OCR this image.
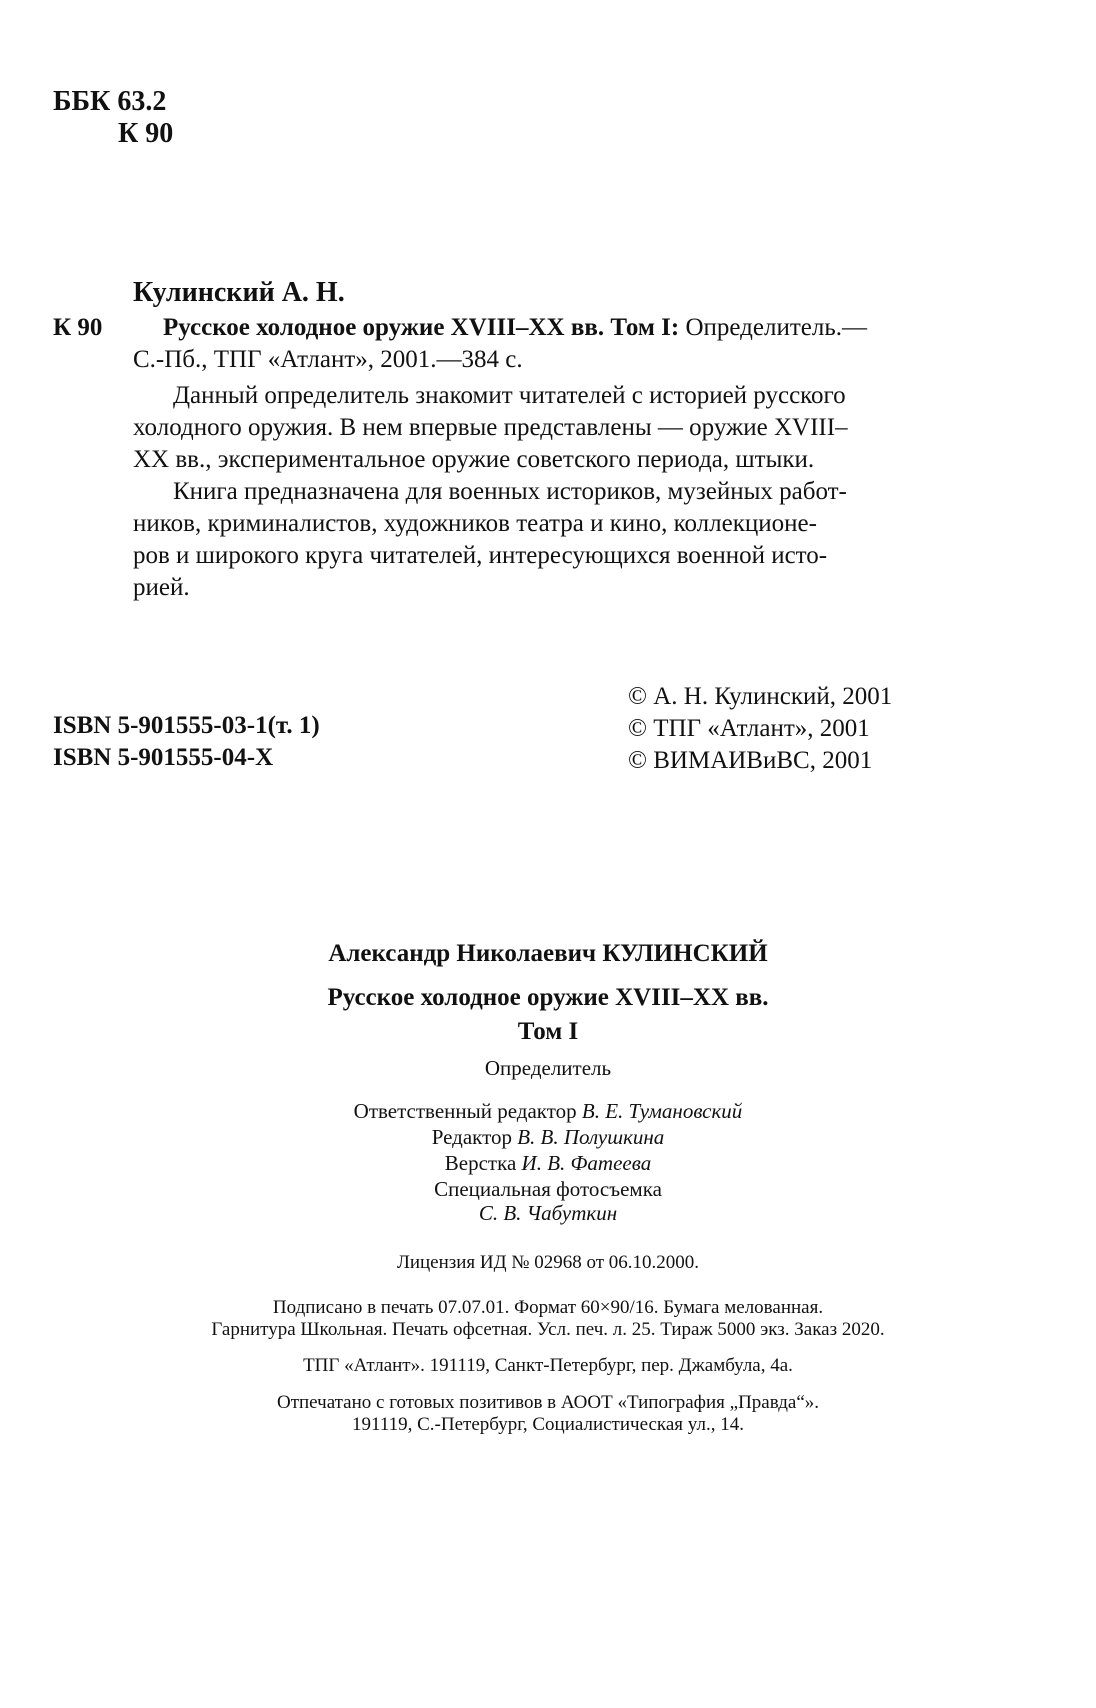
ББК 63.2
К 90
Кулинский А. Н.
К 90 Русское холодное оружие XVIII–XX вв. Том I: Определитель.—
С.-Пб., ТПГ «Атлант», 2001.—384 с.
Данный определитель знакомит читателей с историей русского
холодного оружия. В нем впервые представлены — оружие XVIII–
XX вв., экспериментальное оружие советского периода, штыки.
Книга предназначена для военных историков, музейных работ-
ников, криминалистов, художников театра и кино, коллекционе-
ров и широкого круга читателей, интересующихся военной исто-
рией.
ISBN 5-901555-03-1(т. 1)
ISBN 5-901555-04-X
© А. Н. Кулинский, 2001
© ТПГ «Атлант», 2001
© ВИМАИВиВС, 2001
Александр Николаевич КУЛИНСКИЙ
Русское холодное оружие XVIII–XX вв.
Том I
Определитель
Ответственный редактор В. Е. Тумановский
Редактор В. В. Полушкина
Верстка И. В. Фатеева
Специальная фотосъемка
С. В. Чабуткин
Лицензия ИД № 02968 от 06.10.2000.
Подписано в печать 07.07.01. Формат 60×90/16. Бумага мелованная.
Гарнитура Школьная. Печать офсетная. Усл. печ. л. 25. Тираж 5000 экз. Заказ 2020.
ТПГ «Атлант». 191119, Санкт-Петербург, пер. Джамбула, 4а.
Отпечатано с готовых позитивов в АООТ «Типография „Правда“».
191119, С.-Петербург, Социалистическая ул., 14.
